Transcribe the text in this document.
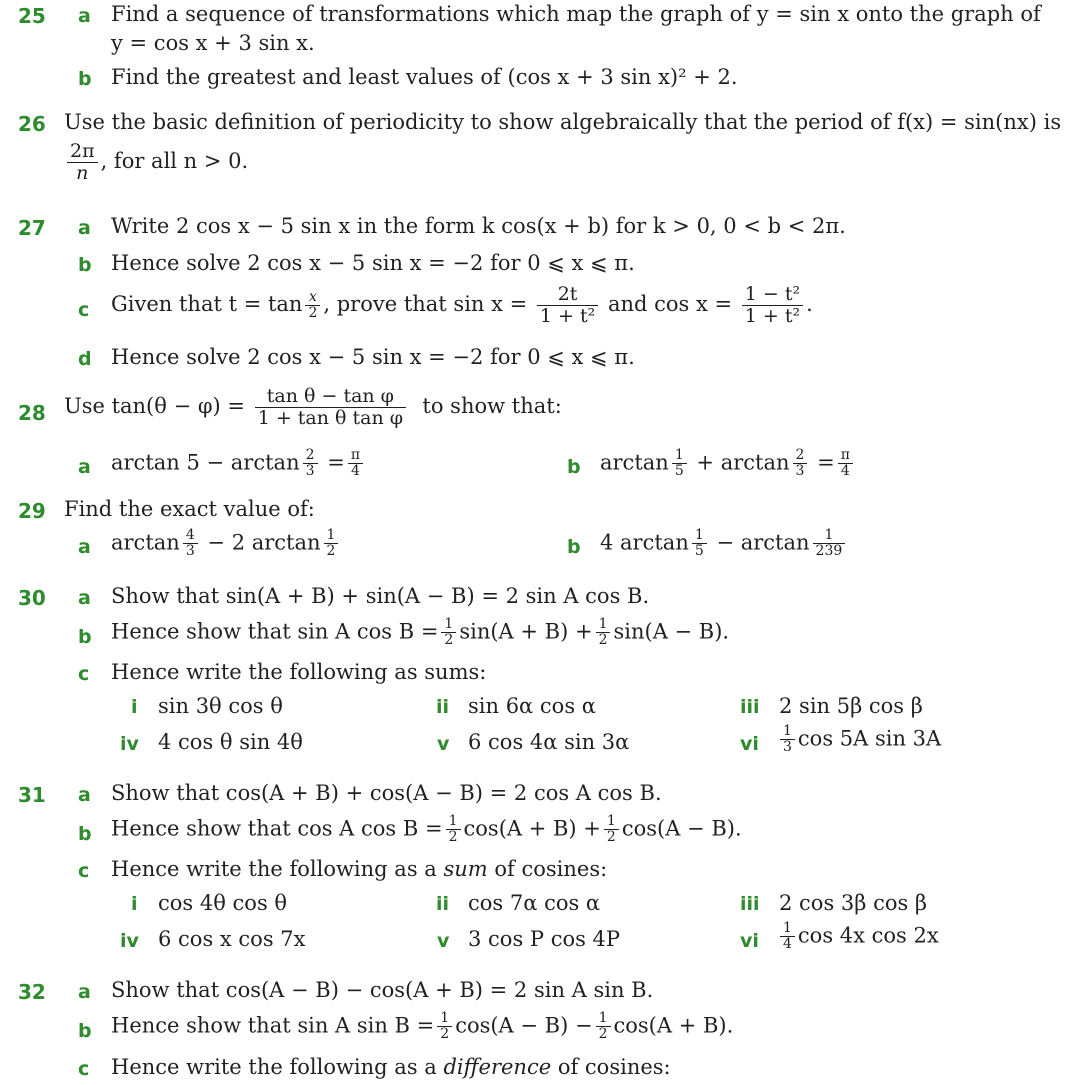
25 a Find a sequence of transformations which map the graph of y = sin x onto the graph of
y = cos x + 3 sin x.
b Find the greatest and least values of (cos x + 3 sin x)² + 2.
26 Use the basic definition of periodicity to show algebraically that the period of f(x) = sin(nx) is
$\frac{2\pi}{n}$ , for all n > 0.
27 a Write 2 cos x − 5 sin x in the form k cos(x + b) for k > 0, 0 < b < 2π.
b Hence solve 2 cos x − 5 sin x = −2 for 0 ⩽ x ⩽ π.
c Given that $t = \tan \frac{x}{2}$ , prove that $\sin x = \frac{2t}{\text{1 + t²}}$ and $\cos x = \frac{\text{1 − t²}}{\text{1 + t²}}$ .
d Hence solve 2 cos x − 5 sin x = −2 for 0 ⩽ x ⩽ π.
28 Use $\tan(\theta - \varphi) = \frac{\text{tan θ − tan φ}}{\text{1 + tan θ tan φ}}$ to show that:
a $\arctan 5 - \arctan \frac{2}{3} = \frac{\pi}{4}$	b $\arctan \frac{1}{5} + \arctan \frac{2}{3} = \frac{\pi}{4}$
29 Find the exact value of:
a $\arctan \frac{4}{3} - 2$ $\arctan \frac{1}{2}$	b 4 $\arctan \frac{1}{5} - \arctan \frac{1}{239}$
30 a Show that sin(A + B) + sin(A − B) = 2 sin A cos B.
b Hence show that sin A $\cos B = \frac{1}{2} \sin(A + B) + \frac{1}{2} \sin(A - B)$.
c Hence write the following as sums:
i sin 3θ cos θ	ii sin 6α cos α	iii 2 sin 5β cos β
iv 4 cos θ sin 4θ	v 6 cos 4α sin 3α	vi $\frac{1}{3}$ cos 5A sin 3A
31 a Show that cos(A + B) + cos(A − B) = 2 cos A cos B.
b Hence show that cos A $\cos B = \frac{1}{2} \cos(A + B) + \frac{1}{2} \cos(A - B)$.
c Hence write the following as a sum of cosines:
i cos 4θ cos θ	ii cos 7α cos α	iii 2 cos 3β cos β
iv 6 cos x cos 7x	v 3 cos P cos 4P	vi $\frac{1}{4}$ cos 4x cos 2x
32 a Show that cos(A − B) − cos(A + B) = 2 sin A sin B.
b Hence show that sin A $\sin B = \frac{1}{2} \cos(A - B) - \frac{1}{2} \cos(A + B)$.
c Hence write the following as a difference of cosines:
